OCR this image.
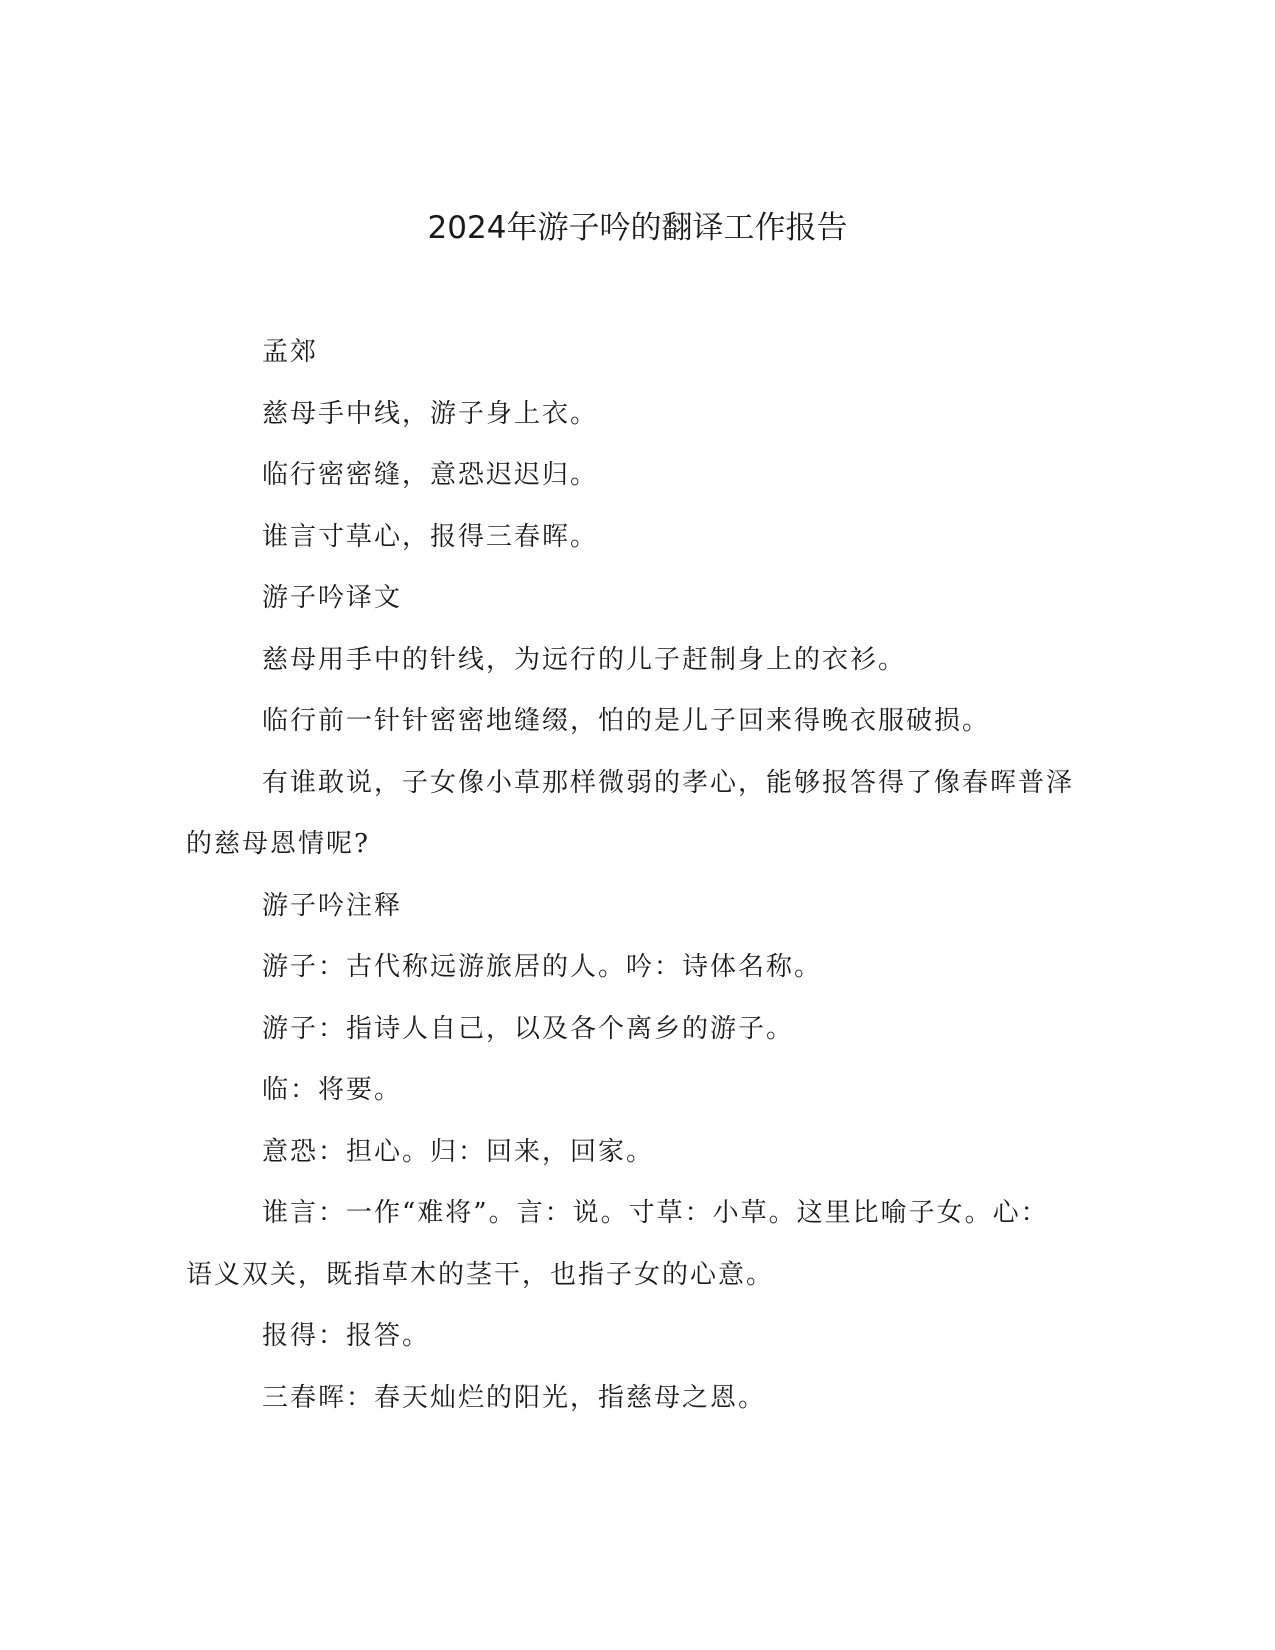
2024年游子吟的翻译工作报告

孟郊

慈母手中线，游子身上衣。

临行密密缝，意恐迟迟归。

谁言寸草心，报得三春晖。

游子吟译文

慈母用手中的针线，为远行的儿子赶制身上的衣衫。

临行前一针针密密地缝缀，怕的是儿子回来得晚衣服破损。

有谁敢说，子女像小草那样微弱的孝心，能够报答得了像春晖普泽的慈母恩情呢?

游子吟注释

游子：古代称远游旅居的人。吟：诗体名称。

游子：指诗人自己，以及各个离乡的游子。

临：将要。

意恐：担心。归：回来，回家。

谁言：一作“难将”。言：说。寸草：小草。这里比喻子女。心：语义双关，既指草木的茎干，也指子女的心意。

报得：报答。

三春晖：春天灿烂的阳光，指慈母之恩。
